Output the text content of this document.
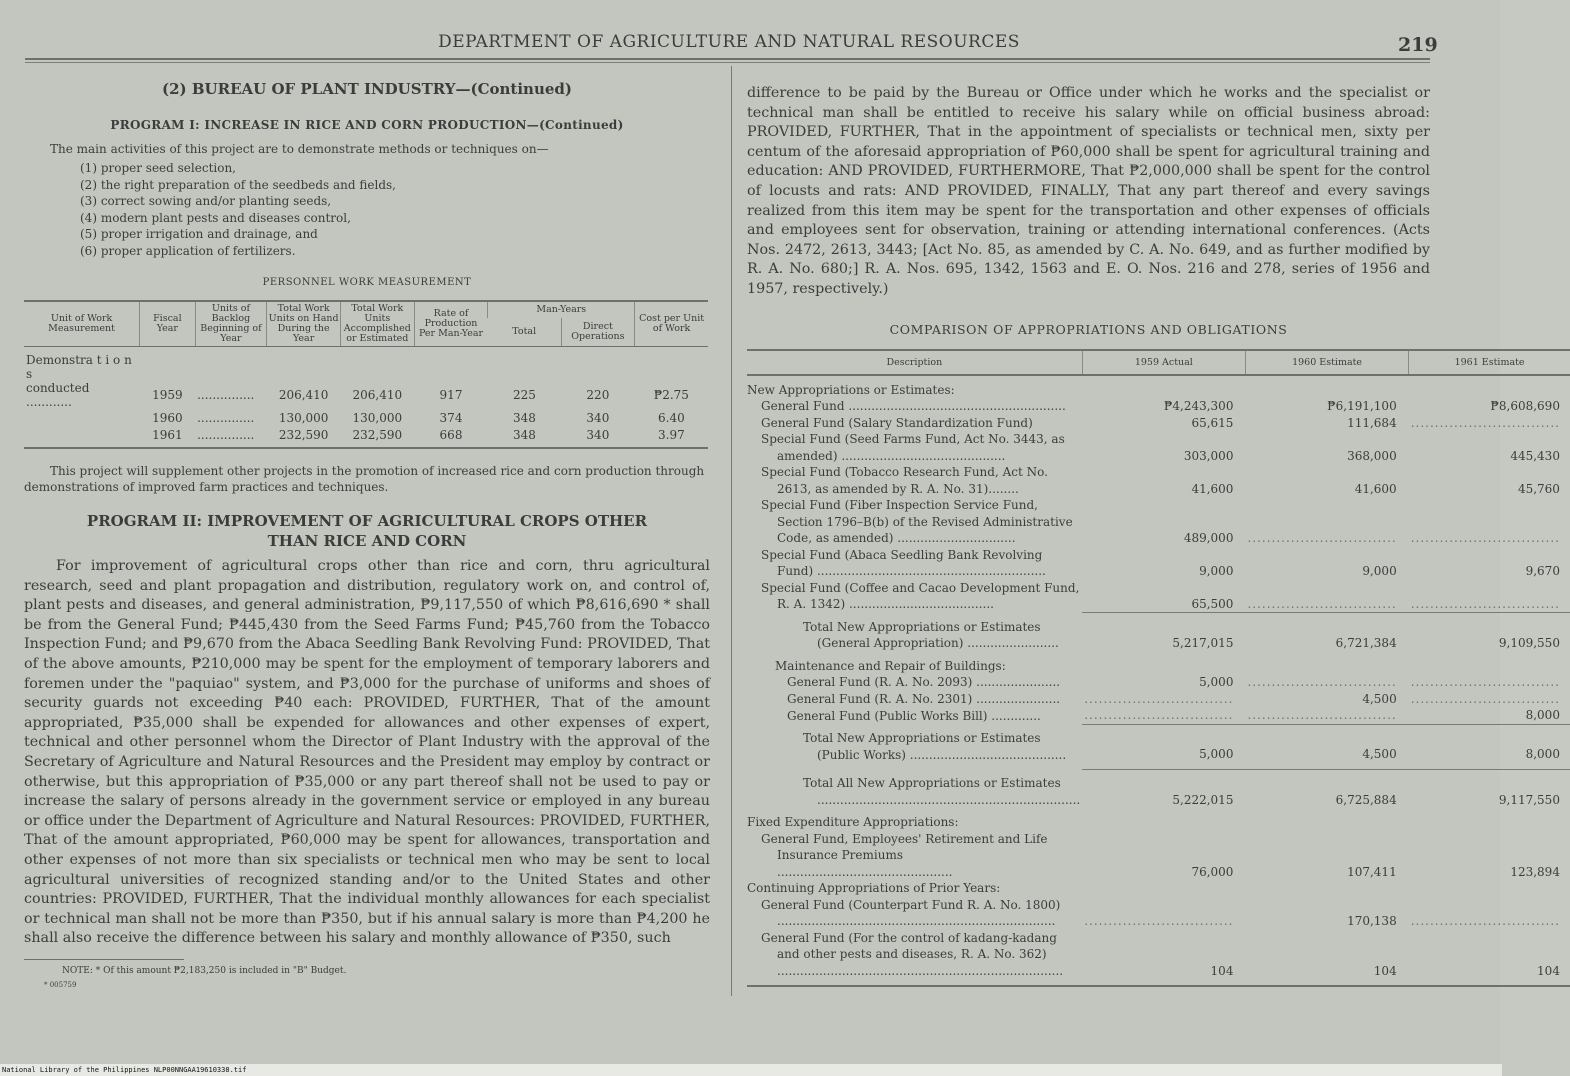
DEPARTMENT OF AGRICULTURE AND NATURAL RESOURCES	219
(2) BUREAU OF PLANT INDUSTRY—(Continued)
PROGRAM I: INCREASE IN RICE AND CORN PRODUCTION—(Continued)
The main activities of this project are to demonstrate methods or techniques on—
(1) proper seed selection,
(2) the right preparation of the seedbeds and fields,
(3) correct sowing and/or planting seeds,
(4) modern plant pests and diseases control,
(5) proper irrigation and drainage, and
(6) proper application of fertilizers.
PERSONNEL WORK MEASUREMENT
Unit of Work Measurement	Fiscal Year	Units of Backlog Beginning of Year	Total Work Units on Hand During the Year	Total Work Units Accomplished or Estimated	Rate of Production Per Man-Year	Man-Years		Cost per Unit of Work
						Total	Direct Operations	

Demonstra t i o n s								
conducted ............	1959	...............	206,410	206,410	917	225	220	₱2.75
	1960	...............	130,000	130,000	374	348	340	6.40
	1961	...............	232,590	232,590	668	348	340	3.97
This project will supplement other projects in the promotion of increased rice and corn production through demonstrations of improved farm practices and techniques.
PROGRAM II: IMPROVEMENT OF AGRICULTURAL CROPS OTHER
THAN RICE AND CORN
For improvement of agricultural crops other than rice and corn, thru agricultural research, seed and plant propagation and distribution, regulatory work on, and control of, plant pests and diseases, and general administration, ₱9,117,550 of which ₱8,616,690 * shall be from the General Fund; ₱445,430 from the Seed Farms Fund; ₱45,760 from the Tobacco Inspection Fund; and ₱9,670 from the Abaca Seedling Bank Revolving Fund: PROVIDED, That of the above amounts, ₱210,000 may be spent for the employment of temporary laborers and foremen under the "paquiao" system, and ₱3,000 for the purchase of uniforms and shoes of security guards not exceeding ₱40 each: PROVIDED, FURTHER, That of the amount appropriated, ₱35,000 shall be expended for allowances and other expenses of expert, technical and other personnel whom the Director of Plant Industry with the approval of the Secretary of Agriculture and Natural Resources and the President may employ by contract or otherwise, but this appropriation of ₱35,000 or any part thereof shall not be used to pay or increase the salary of persons already in the government service or employed in any bureau or office under the Department of Agriculture and Natural Resources: PROVIDED, FURTHER, That of the amount appropriated, ₱60,000 may be spent for allowances, transportation and other expenses of not more than six specialists or technical men who may be sent to local agricultural universities of recognized standing and/or to the United States and other countries: PROVIDED, FURTHER, That the individual monthly allowances for each specialist or technical man shall not be more than ₱350, but if his annual salary is more than ₱4,200 he shall also receive the difference between his salary and monthly allowance of ₱350, such
NOTE: * Of this amount ₱2,183,250 is included in "B" Budget.
* 005759
difference to be paid by the Bureau or Office under which he works and the specialist or technical man shall be entitled to receive his salary while on official business abroad: PROVIDED, FURTHER, That in the appointment of specialists or technical men, sixty per centum of the aforesaid appropriation of ₱60,000 shall be spent for agricultural training and education: AND PROVIDED, FURTHERMORE, That ₱2,000,000 shall be spent for the control of locusts and rats: AND PROVIDED, FINALLY, That any part thereof and every savings realized from this item may be spent for the transportation and other expenses of officials and employees sent for observation, training or attending international conferences. (Acts Nos. 2472, 2613, 3443; [Act No. 85, as amended by C. A. No. 649, and as further modified by R. A. No. 680;] R. A. Nos. 695, 1342, 1563 and E. O. Nos. 216 and 278, series of 1956 and 1957, respectively.)
COMPARISON OF APPROPRIATIONS AND OBLIGATIONS
Description	1959 Actual	1960 Estimate	1961 Estimate

New Appropriations or Estimates:			
General Fund .........................................................	₱4,243,300	₱6,191,100	₱8,608,690
General Fund (Salary Standardization Fund)	65,615	111,684	...............................
Special Fund (Seed Farms Fund, Act No. 3443, as amended) ...........................................	303,000	368,000	445,430
Special Fund (Tobacco Research Fund, Act No. 2613, as amended by R. A. No. 31)........	41,600	41,600	45,760
Special Fund (Fiber Inspection Service Fund, Section 1796–B(b) of the Revised Administrative Code, as amended) ...............................	489,000	...............................	...............................
Special Fund (Abaca Seedling Bank Revolving Fund) ............................................................	9,000	9,000	9,670
Special Fund (Coffee and Cacao Development Fund, R. A. 1342) ......................................	65,500	...............................	...............................
Total New Appropriations or Estimates (General Appropriation) ........................	5,217,015	6,721,384	9,109,550
Maintenance and Repair of Buildings:			
General Fund (R. A. No. 2093) ......................	5,000	...............................	...............................
General Fund (R. A. No. 2301) ......................	...............................	4,500	...............................
General Fund (Public Works Bill) .............	...............................	...............................	8,000
Total New Appropriations or Estimates (Public Works) .........................................	5,000	4,500	8,000
Total All New Appropriations or Estimates .....................................................................	5,222,015	6,725,884	9,117,550
Fixed Expenditure Appropriations:			
General Fund, Employees' Retirement and Life Insurance Premiums ..............................................	76,000	107,411	123,894
Continuing Appropriations of Prior Years:			
General Fund (Counterpart Fund R. A. No. 1800) .........................................................................	...............................	170,138	...............................
General Fund (For the control of kadang-kadang and other pests and diseases, R. A. No. 362) ...........................................................................	104	104	104
National Library of the Philippines NLP00NNGAA19610338.tif
